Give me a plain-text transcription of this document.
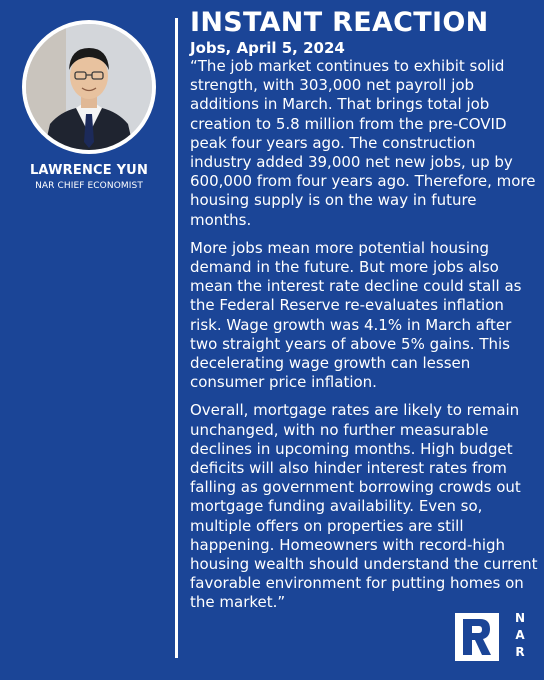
LAWRENCE YUN
NAR CHIEF ECONOMIST
INSTANT REACTION
Jobs, April 5, 2024

“The job market continues to exhibit solid strength, with 303,000 net payroll job additions in March. That brings total job creation to 5.8 million from the pre-COVID peak four years ago. The construction industry added 39,000 net new jobs, up by 600,000 from four years ago. Therefore, more housing supply is on the way in future months.

More jobs mean more potential housing demand in the future. But more jobs also mean the interest rate decline could stall as the Federal Reserve re-evaluates inflation risk. Wage growth was 4.1% in March after two straight years of above 5% gains. This decelerating wage growth can lessen consumer price inflation.

Overall, mortgage rates are likely to remain unchanged, with no further measurable declines in upcoming months. High budget deficits will also hinder interest rates from falling as government borrowing crowds out mortgage funding availability. Even so, multiple offers on properties are still happening. Homeowners with record-high housing wealth should understand the current favorable environment for putting homes on the market.”

N
A
R
